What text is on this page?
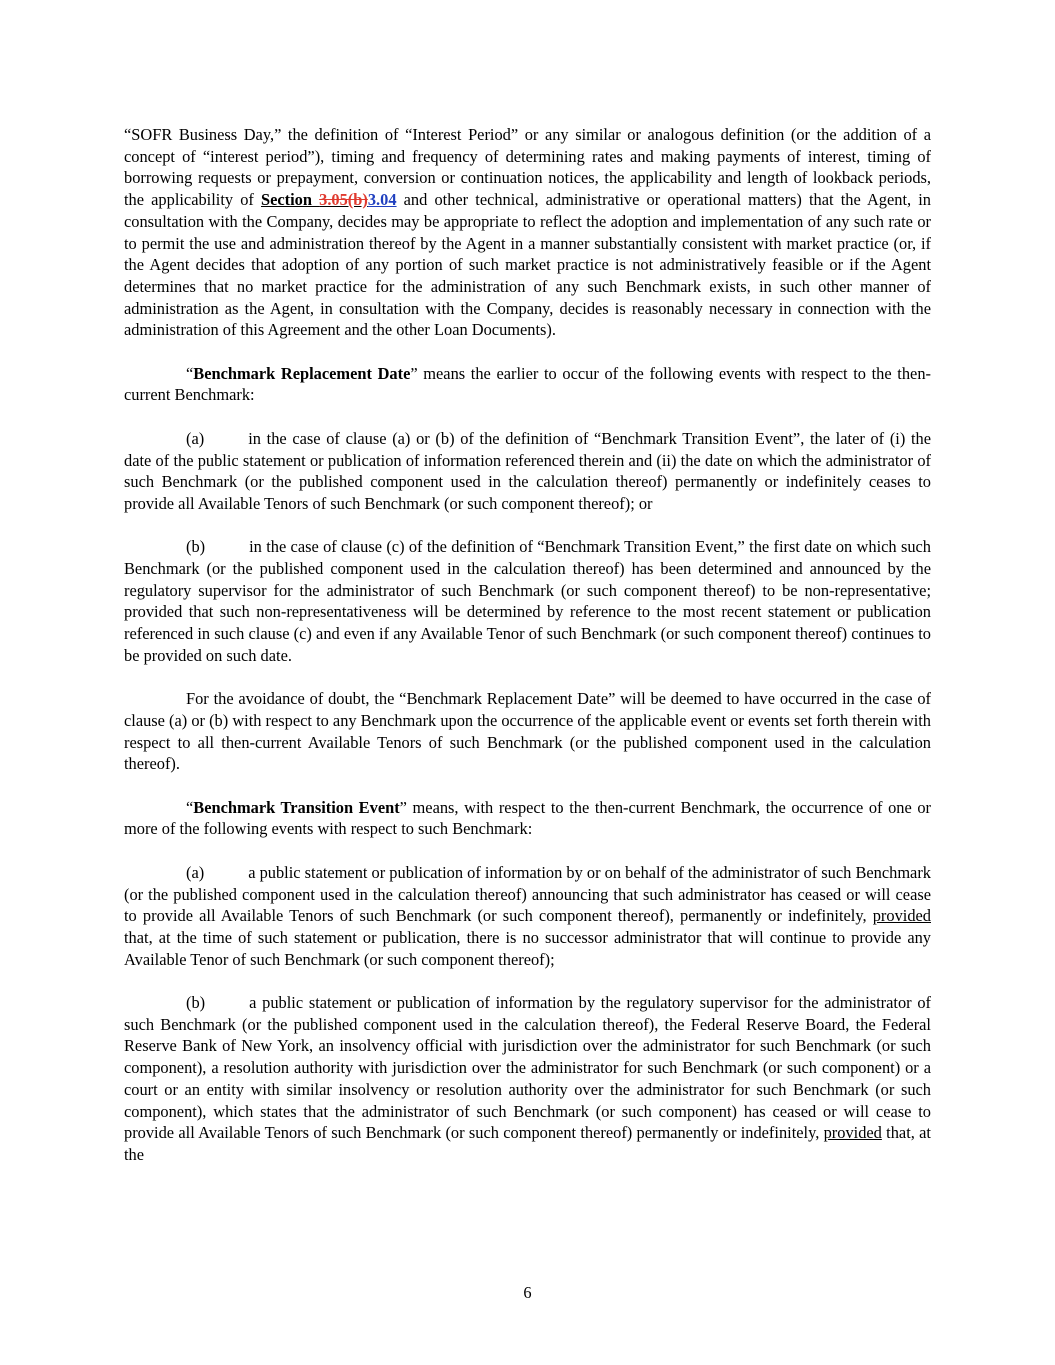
“SOFR Business Day,” the definition of “Interest Period” or any similar or analogous definition (or the addition of a concept of “interest period”), timing and frequency of determining rates and making payments of interest, timing of borrowing requests or prepayment, conversion or continuation notices, the applicability and length of lookback periods, the applicability of Section 3.05(b)3.04 and other technical, administrative or operational matters) that the Agent, in consultation with the Company, decides may be appropriate to reflect the adoption and implementation of any such rate or to permit the use and administration thereof by the Agent in a manner substantially consistent with market practice (or, if the Agent decides that adoption of any portion of such market practice is not administratively feasible or if the Agent determines that no market practice for the administration of any such Benchmark exists, in such other manner of administration as the Agent, in consultation with the Company, decides is reasonably necessary in connection with the administration of this Agreement and the other Loan Documents).

“Benchmark Replacement Date” means the earlier to occur of the following events with respect to the then-current Benchmark:

(a)	in the case of clause (a) or (b) of the definition of “Benchmark Transition Event”, the later of (i) the date of the public statement or publication of information referenced therein and (ii) the date on which the administrator of such Benchmark (or the published component used in the calculation thereof) permanently or indefinitely ceases to provide all Available Tenors of such Benchmark (or such component thereof); or

(b)	in the case of clause (c) of the definition of “Benchmark Transition Event,” the first date on which such Benchmark (or the published component used in the calculation thereof) has been determined and announced by the regulatory supervisor for the administrator of such Benchmark (or such component thereof) to be non-representative; provided that such non-representativeness will be determined by reference to the most recent statement or publication referenced in such clause (c) and even if any Available Tenor of such Benchmark (or such component thereof) continues to be provided on such date.

For the avoidance of doubt, the “Benchmark Replacement Date” will be deemed to have occurred in the case of clause (a) or (b) with respect to any Benchmark upon the occurrence of the applicable event or events set forth therein with respect to all then-current Available Tenors of such Benchmark (or the published component used in the calculation thereof).

“Benchmark Transition Event” means, with respect to the then-current Benchmark, the occurrence of one or more of the following events with respect to such Benchmark:

(a)	a public statement or publication of information by or on behalf of the administrator of such Benchmark (or the published component used in the calculation thereof) announcing that such administrator has ceased or will cease to provide all Available Tenors of such Benchmark (or such component thereof), permanently or indefinitely, provided that, at the time of such statement or publication, there is no successor administrator that will continue to provide any Available Tenor of such Benchmark (or such component thereof);

(b)	a public statement or publication of information by the regulatory supervisor for the administrator of such Benchmark (or the published component used in the calculation thereof), the Federal Reserve Board, the Federal Reserve Bank of New York, an insolvency official with jurisdiction over the administrator for such Benchmark (or such component), a resolution authority with jurisdiction over the administrator for such Benchmark (or such component) or a court or an entity with similar insolvency or resolution authority over the administrator for such Benchmark (or such component), which states that the administrator of such Benchmark (or such component) has ceased or will cease to provide all Available Tenors of such Benchmark (or such component thereof) permanently or indefinitely, provided that, at the

6
